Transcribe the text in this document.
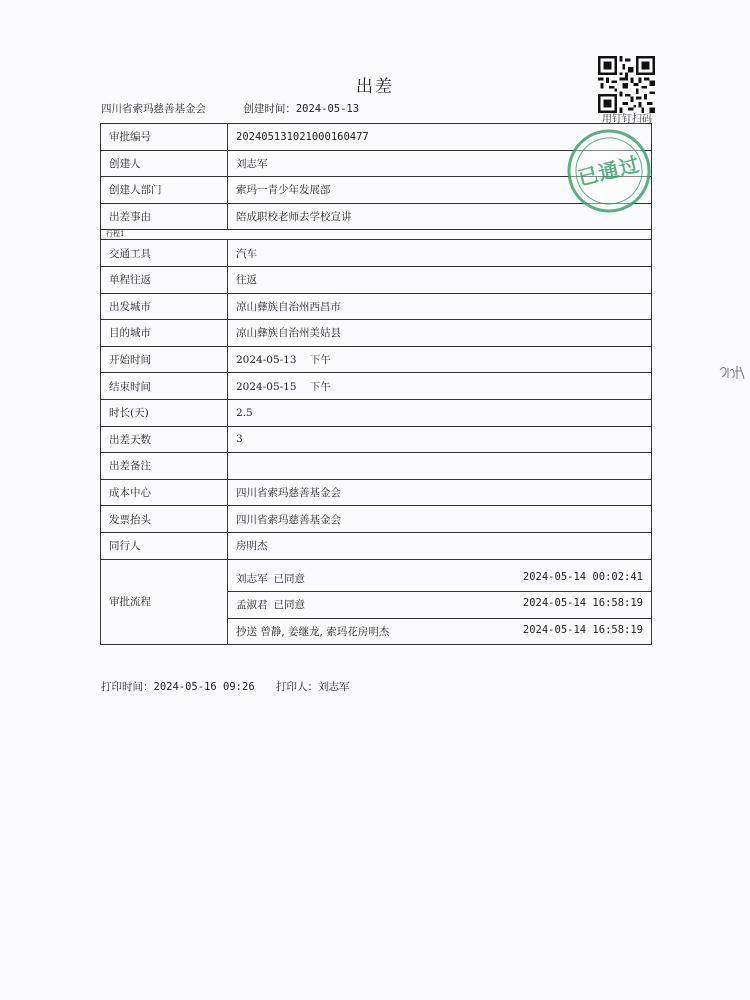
出差
用钉钉扫码
四川省索玛慈善基金会	创建时间：2024-05-13
审批编号	202405131021000160477
创建人	刘志军
创建人部门	索玛一青少年发展部
出差事由	陪成职校老师去学校宣讲
行程1	
交通工具	汽车
单程往返	往返
出发城市	凉山彝族自治州西昌市
目的城市	凉山彝族自治州美姑县
开始时间	2024-05-13    下午
结束时间	2024-05-15    下午
时长(天)	2.5
出差天数	3
出差备注	
成本中心	四川省索玛慈善基金会
发票抬头	四川省索玛慈善基金会
同行人	房明杰
审批流程	

	刘志军 已同意 2024-05-14 00:02:41

	孟淑君 已同意 2024-05-14 16:58:19

	抄送 曾静, 姜继龙, 索玛花房明杰 2024-05-14 16:58:19
已通过
打印时间：2024-05-16 09:26 打印人：刘志军
